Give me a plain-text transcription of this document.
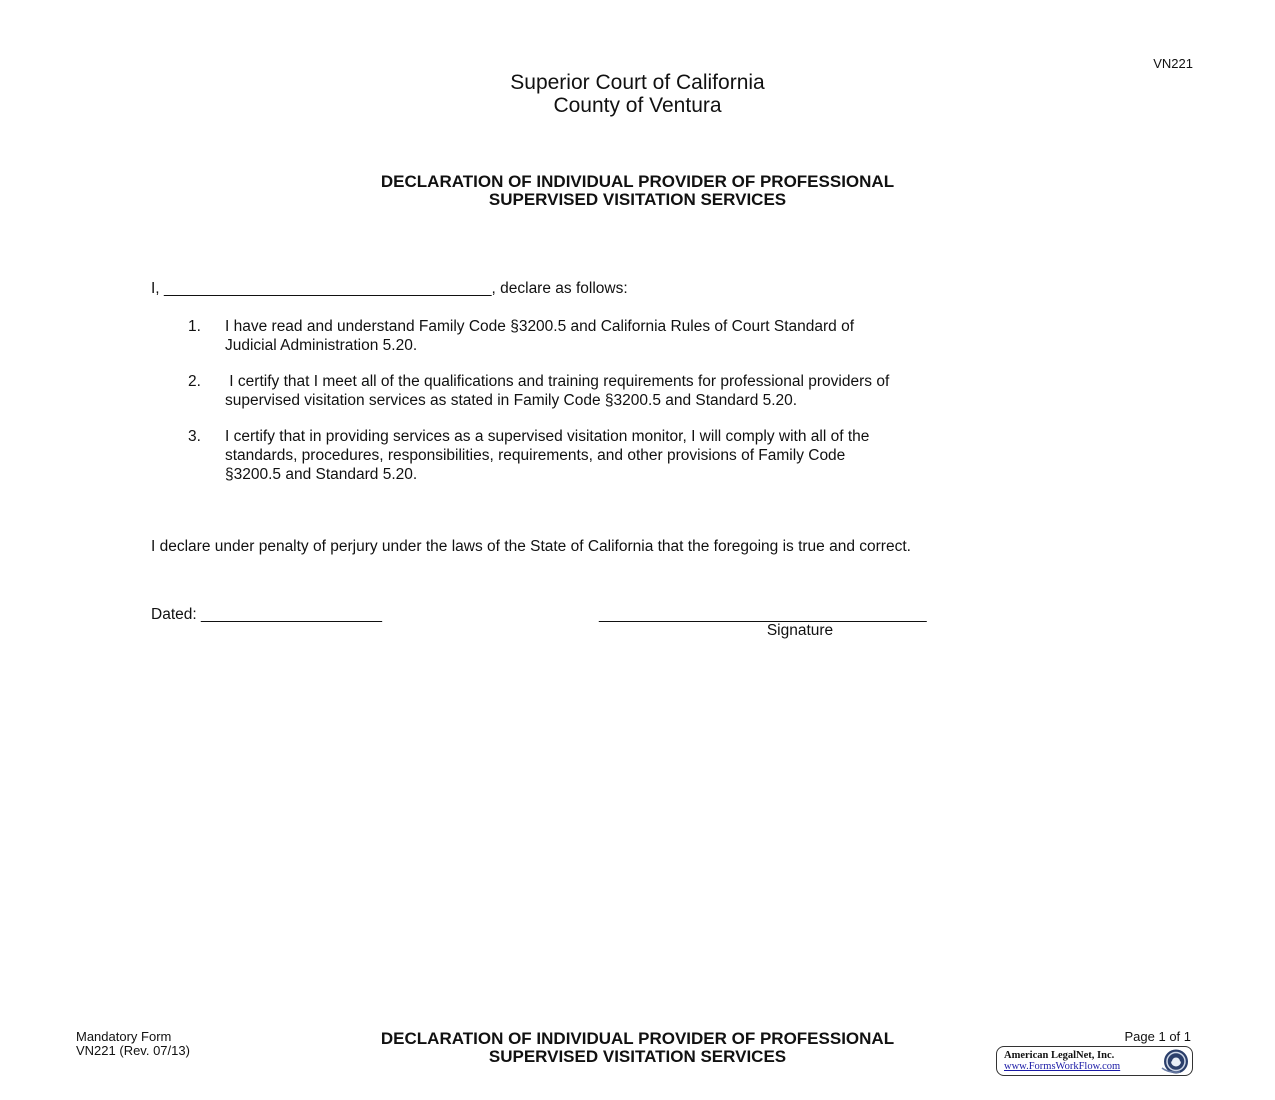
VN221
Superior Court of California
County of Ventura
DECLARATION OF INDIVIDUAL PROVIDER OF PROFESSIONAL
SUPERVISED VISITATION SERVICES
I, ______________________________________, declare as follows:
1. I have read and understand Family Code §3200.5 and California Rules of Court Standard of
Judicial Administration 5.20.
2. I certify that I meet all of the qualifications and training requirements for professional providers of
supervised visitation services as stated in Family Code §3200.5 and Standard 5.20.
3. I certify that in providing services as a supervised visitation monitor, I will comply with all of the
standards, procedures, responsibilities, requirements, and other provisions of Family Code
§3200.5 and Standard 5.20.
I declare under penalty of perjury under the laws of the State of California that the foregoing is true and correct.
Dated: _____________________	______________________________________
Signature
Mandatory Form
VN221 (Rev. 07/13)
DECLARATION OF INDIVIDUAL PROVIDER OF PROFESSIONAL
SUPERVISED VISITATION SERVICES
Page 1 of 1
American LegalNet, Inc.
www.FormsWorkFlow.com
